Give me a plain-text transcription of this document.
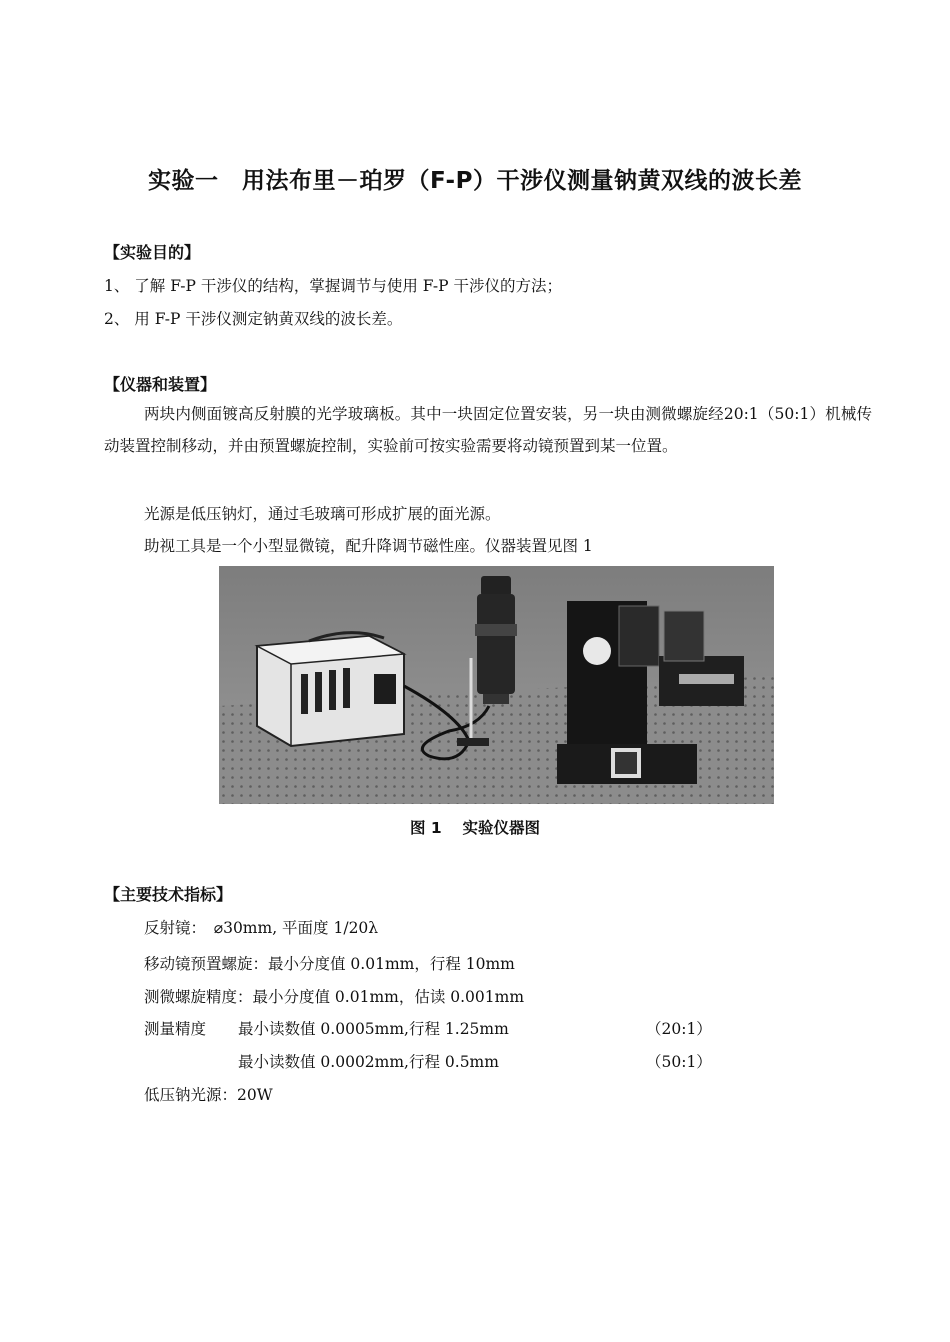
实验一　用法布里－珀罗（F-P）干涉仪测量钠黄双线的波长差
【实验目的】
1、 了解 F-P 干涉仪的结构，掌握调节与使用 F-P 干涉仪的方法；
2、 用 F-P 干涉仪测定钠黄双线的波长差。
【仪器和装置】
两块内侧面镀高反射膜的光学玻璃板。其中一块固定位置安装，另一块由测微螺旋经20:1（50:1）机械传动装置控制移动，并由预置螺旋控制，实验前可按实验需要将动镜预置到某一位置。
光源是低压钠灯，通过毛玻璃可形成扩展的面光源。
助视工具是一个小型显微镜，配升降调节磁性座。仪器装置见图 1
图 1　 实验仪器图
【主要技术指标】
反射镜：　⌀30mm, 平面度 1/20λ
移动镜预置螺旋：最小分度值 0.01mm，行程 10mm
测微螺旋精度：最小分度值 0.01mm，估读 0.001mm
测量精度 最小读数值 0.0005mm,行程 1.25mm	（20:1）
最小读数值 0.0002mm,行程 0.5mm	（50:1）
低压钠光源：20W
